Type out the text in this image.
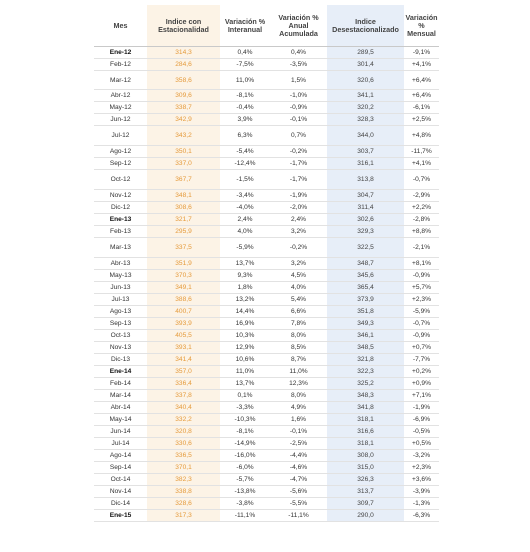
Mes	Indice con Estacionalidad	Variación % Interanual	Variación % Anual Acumulada	Indice Desestacionalizado	Variación % Mensual
Ene-12	314,3	0,4%	0,4%	289,5	-9,1%
Feb-12	284,6	-7,5%	-3,5%	301,4	+4,1%
Mar-12	358,6	11,0%	1,5%	320,6	+6,4%
Abr-12	309,6	-8,1%	-1,0%	341,1	+6,4%
May-12	338,7	-0,4%	-0,9%	320,2	-6,1%
Jun-12	342,9	3,9%	-0,1%	328,3	+2,5%
Jul-12	343,2	6,3%	0,7%	344,0	+4,8%
Ago-12	350,1	-5,4%	-0,2%	303,7	-11,7%
Sep-12	337,0	-12,4%	-1,7%	316,1	+4,1%
Oct-12	367,7	-1,5%	-1,7%	313,8	-0,7%
Nov-12	348,1	-3,4%	-1,9%	304,7	-2,9%
Dic-12	308,6	-4,0%	-2,0%	311,4	+2,2%
Ene-13	321,7	2,4%	2,4%	302,6	-2,8%
Feb-13	295,9	4,0%	3,2%	329,3	+8,8%
Mar-13	337,5	-5,9%	-0,2%	322,5	-2,1%
Abr-13	351,9	13,7%	3,2%	348,7	+8,1%
May-13	370,3	9,3%	4,5%	345,6	-0,9%
Jun-13	349,1	1,8%	4,0%	365,4	+5,7%
Jul-13	388,6	13,2%	5,4%	373,9	+2,3%
Ago-13	400,7	14,4%	6,6%	351,8	-5,9%
Sep-13	393,9	16,9%	7,8%	349,3	-0,7%
Oct-13	405,5	10,3%	8,0%	346,1	-0,9%
Nov-13	393,1	12,9%	8,5%	348,5	+0,7%
Dic-13	341,4	10,6%	8,7%	321,8	-7,7%
Ene-14	357,0	11,0%	11,0%	322,3	+0,2%
Feb-14	336,4	13,7%	12,3%	325,2	+0,9%
Mar-14	337,8	0,1%	8,0%	348,3	+7,1%
Abr-14	340,4	-3,3%	4,9%	341,8	-1,9%
May-14	332,2	-10,3%	1,6%	318,1	-6,9%
Jun-14	320,8	-8,1%	-0,1%	316,6	-0,5%
Jul-14	330,6	-14,9%	-2,5%	318,1	+0,5%
Ago-14	336,5	-16,0%	-4,4%	308,0	-3,2%
Sep-14	370,1	-6,0%	-4,6%	315,0	+2,3%
Oct-14	382,3	-5,7%	-4,7%	326,3	+3,6%
Nov-14	338,8	-13,8%	-5,6%	313,7	-3,9%
Dic-14	328,6	-3,8%	-5,5%	309,7	-1,3%
Ene-15	317,3	-11,1%	-11,1%	290,0	-6,3%
